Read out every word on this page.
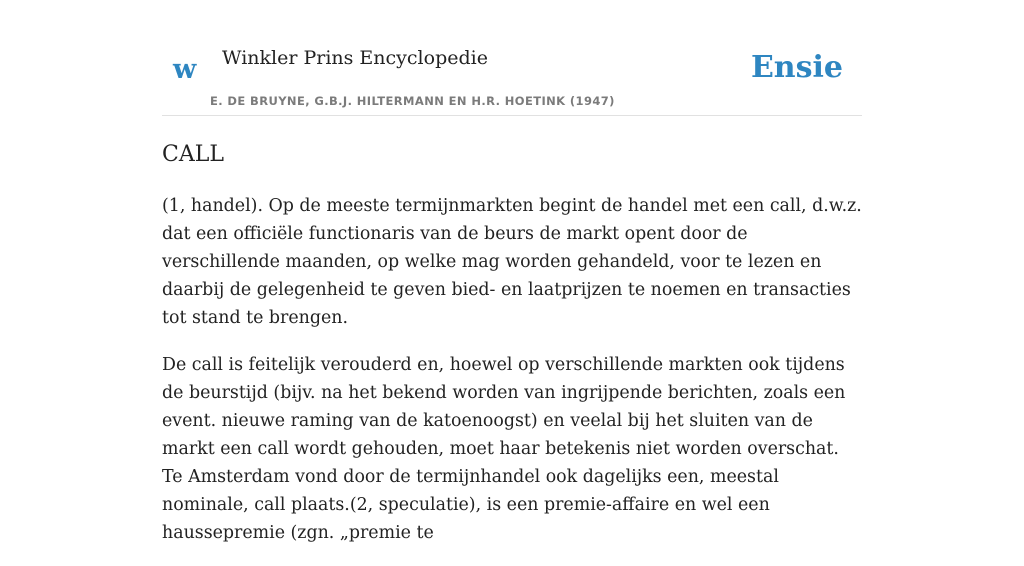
w Winkler Prins Encyclopedie
E. DE BRUYNE, G.B.J. HILTERMANN EN H.R. HOETINK (1947)
Ensie
CALL

(1, handel). Op de meeste termijnmarkten begint de handel met een call, d.w.z. dat een officiële functionaris van de beurs de markt opent door de verschillende maanden, op welke mag worden gehandeld, voor te lezen en daarbij de gelegenheid te geven bied- en laatprijzen te noemen en transacties tot stand te brengen.

De call is feitelijk verouderd en, hoewel op verschillende markten ook tijdens de beurstijd (bijv. na het bekend worden van ingrijpende berichten, zoals een event. nieuwe raming van de katoenoogst) en veelal bij het sluiten van de markt een call wordt gehouden, moet haar betekenis niet worden overschat. Te Amsterdam vond door de termijnhandel ook dagelijks een, meestal nominale, call plaats.(2, speculatie), is een premie-affaire en wel een haussepremie (zgn. „premie te
